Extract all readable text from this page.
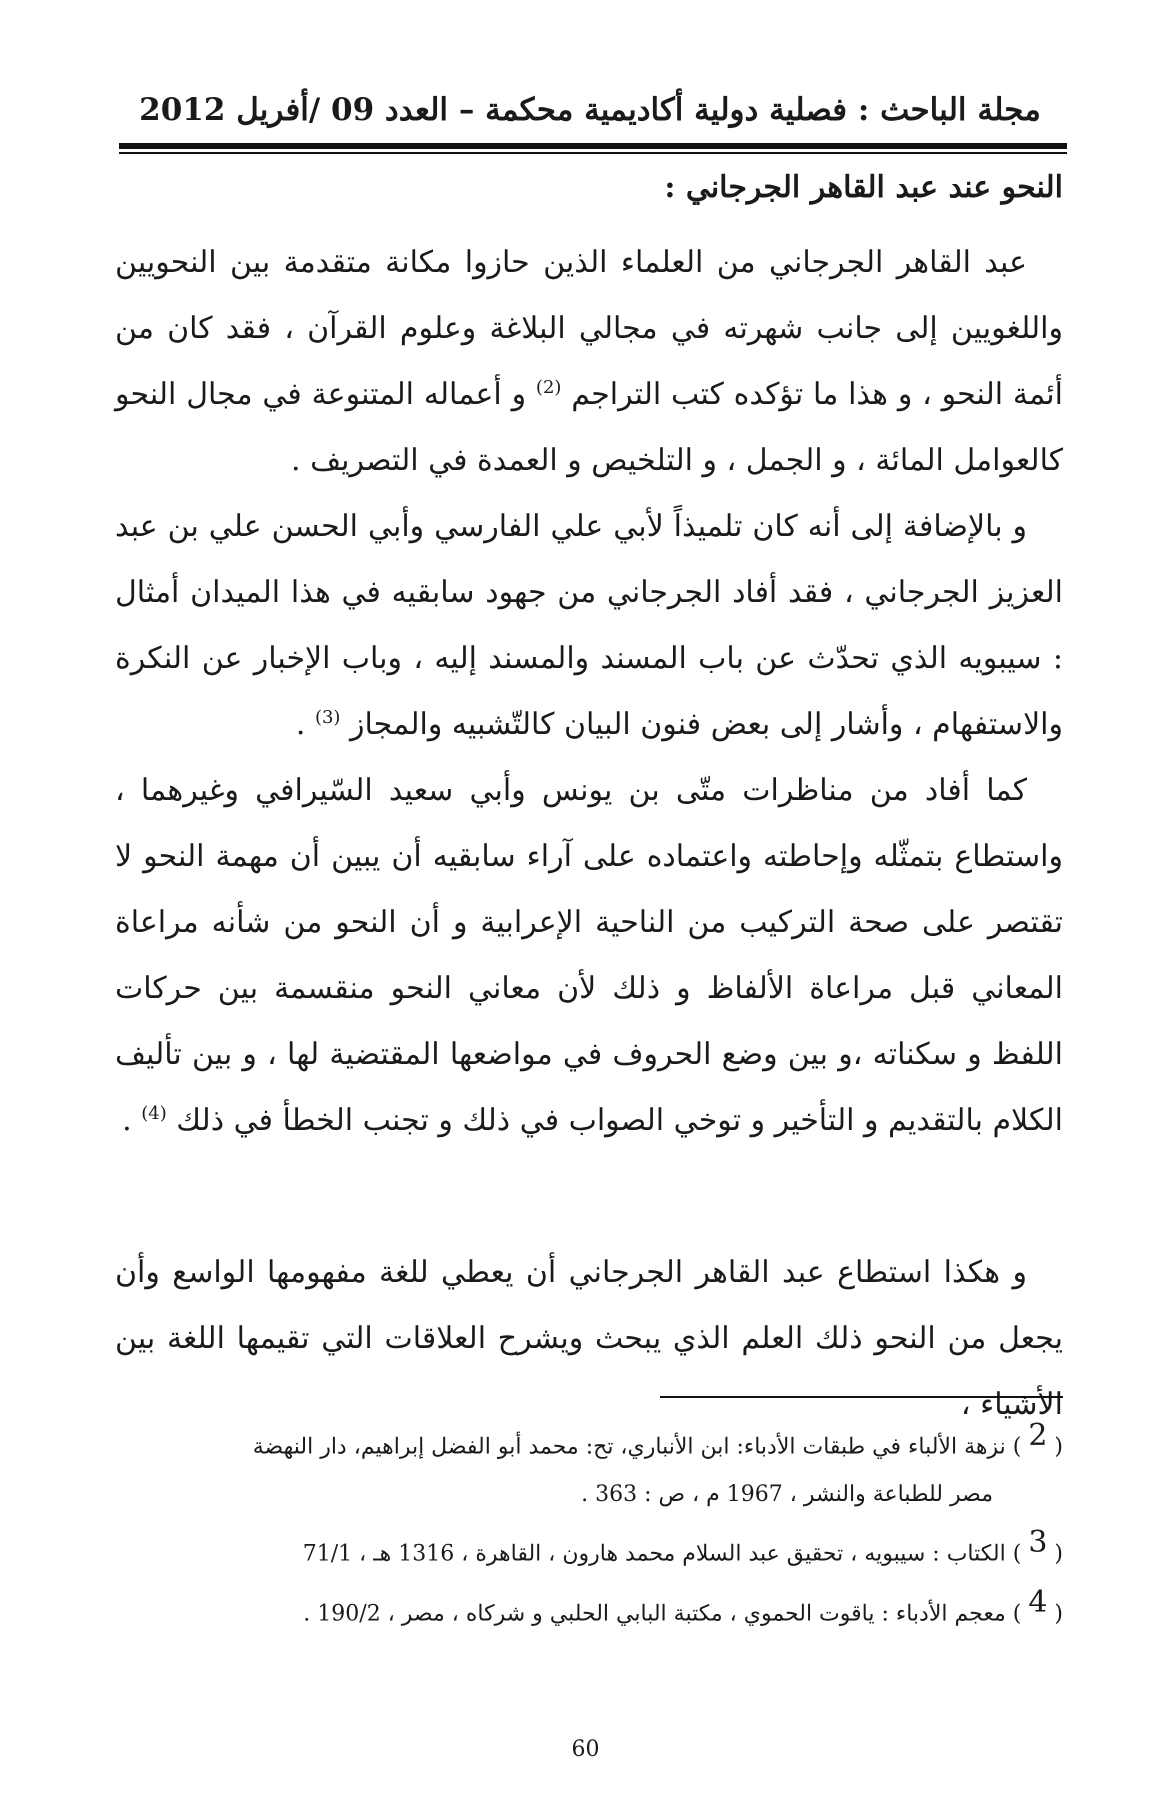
مجلة الباحث : فصلية دولية أكاديمية محكمة – العدد 09 /أفريل 2012
النحو عند عبد القاهر الجرجاني :

عبد القاهر الجرجاني من العلماء الذين حازوا مكانة متقدمة بين النحويين واللغويين إلى جانب شهرته في مجالي البلاغة وعلوم القرآن ، فقد كان من أئمة النحو ، و هذا ما تؤكده كتب التراجم $^{(2)}$ و أعماله المتنوعة في مجال النحو كالعوامل المائة ، و الجمل ، و التلخيص و العمدة في التصريف .

و بالإضافة إلى أنه كان تلميذاً لأبي علي الفارسي وأبي الحسن علي بن عبد العزيز الجرجاني ، فقد أفاد الجرجاني من جهود سابقيه في هذا الميدان أمثال : سيبويه الذي تحدّث عن باب المسند والمسند إليه ، وباب الإخبار عن النكرة والاستفهام ، وأشار إلى بعض فنون البيان كالتّشبيه والمجاز $^{(3)}$ .

كما أفاد من مناظرات متّى بن يونس وأبي سعيد السّيرافي وغيرهما ، واستطاع بتمثّله وإحاطته واعتماده على آراء سابقيه أن يبين أن مهمة النحو لا تقتصر على صحة التركيب من الناحية الإعرابية و أن النحو من شأنه مراعاة المعاني قبل مراعاة الألفاظ و ذلك لأن معاني النحو منقسمة بين حركات اللفظ و سكناته ،و بين وضع الحروف في مواضعها المقتضية لها ، و بين تأليف الكلام بالتقديم و التأخير و توخي الصواب في ذلك و تجنب الخطأ في ذلك $^{(4)}$ .

و هكذا استطاع عبد القاهر الجرجاني أن يعطي للغة مفهومها الواسع وأن يجعل من النحو ذلك العلم الذي يبحث ويشرح العلاقات التي تقيمها اللغة بين الأشياء ،

( $^2$ ) نزهة الألباء في طبقات الأدباء: ابن الأنباري، تح: محمد أبو الفضل إبراهيم، دار النهضة

مصر للطباعة والنشر ، 1967 م ، ص : 363 .

( $^3$ ) الكتاب : سيبويه ، تحقيق عبد السلام محمد هارون ، القاهرة ، 1316 هـ ، 71/1

( $^4$ ) معجم الأدباء : ياقوت الحموي ، مكتبة البابي الحلبي و شركاه ، مصر ، 190/2 .

60
